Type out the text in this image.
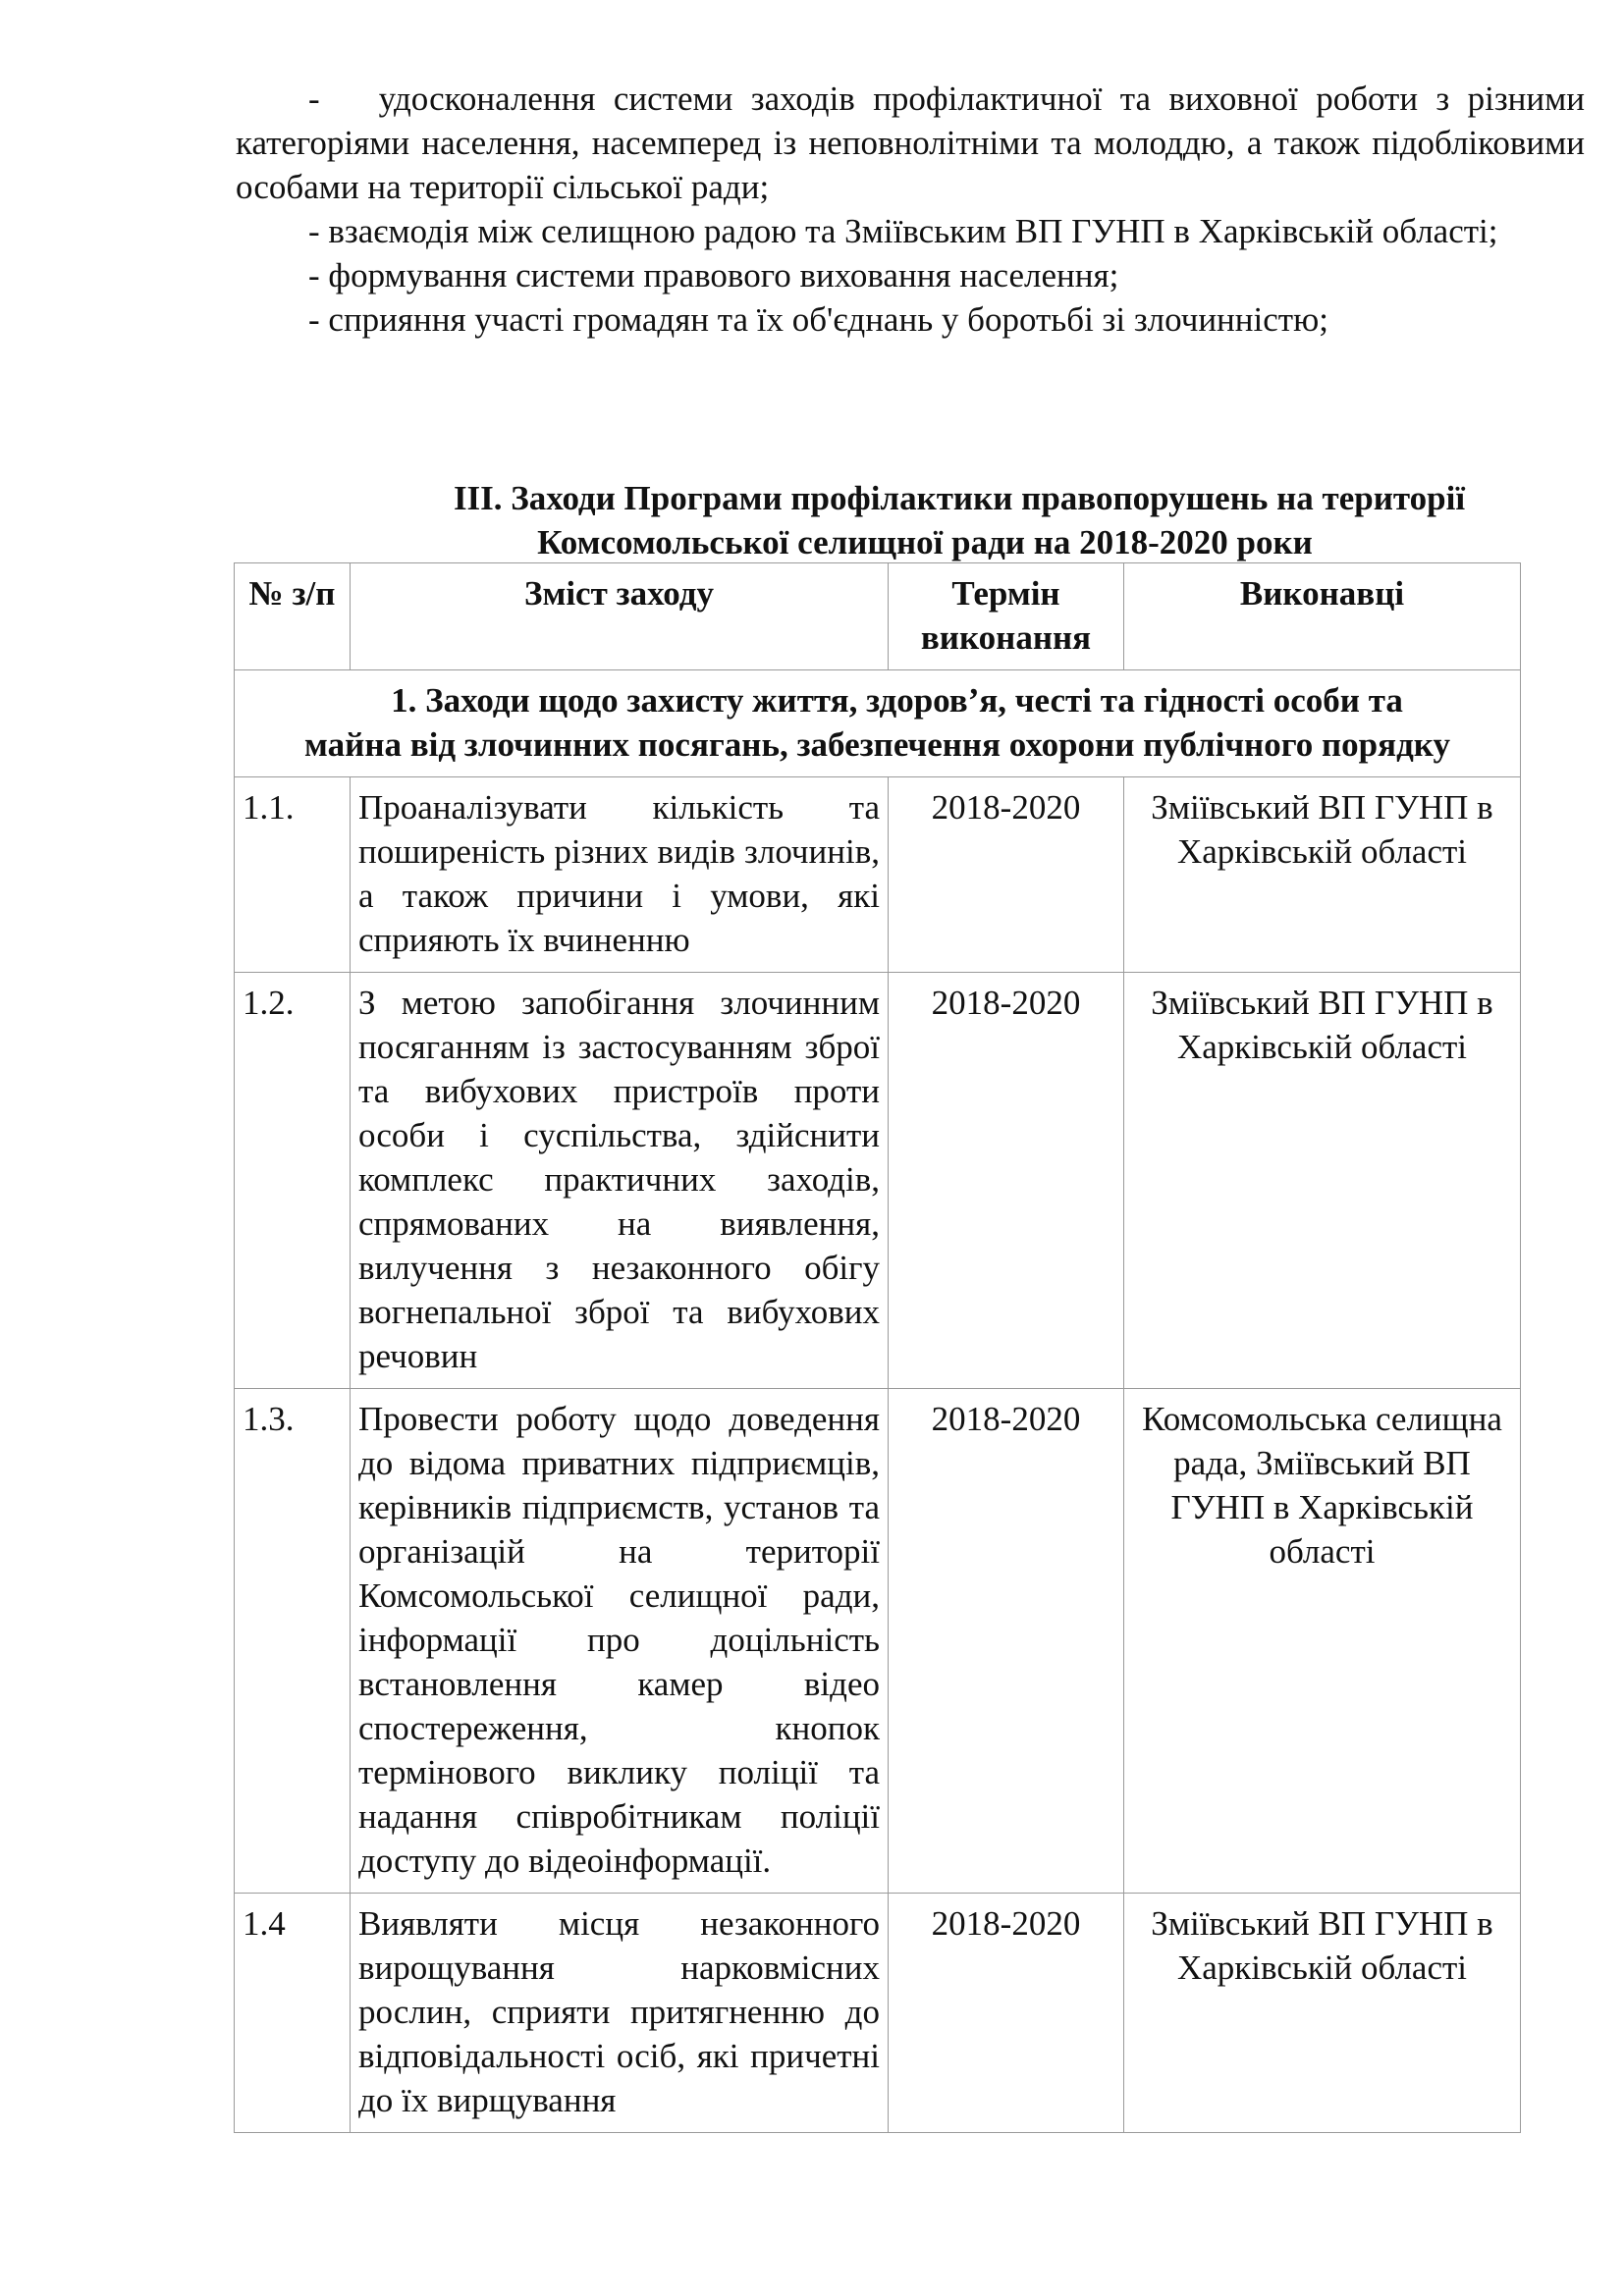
- удосконалення системи заходів профілактичної та виховної роботи з різними категоріями населення, насемперед із неповнолітніми та молоддю, а також підобліковими особами на території сільської ради;

- взаємодія між селищною радою та Зміївським ВП ГУНП в Харківській області;

- формування системи правового виховання населення;

- сприяння участі громадян та їх об'єднань у боротьбі зі злочинністю;

ІІІ. Заходи Програми профілактики правопорушень на території
Комсомольської селищної ради на 2018-2020 роки
№ з/п	Зміст заходу	Термін виконання	Виконавці

1. Заходи щодо захисту життя, здоров’я, честі та гідності особи та
майна від злочинних посягань, забезпечення охорони публічного порядку			

1.1.	Проаналізувати кількість та поширеність різних видів злочинів, а також причини і умови, які сприяють їх вчиненню	2018-2020	Зміївський ВП ГУНП в Харківській області
1.2.	З метою запобігання злочинним посяганням із застосуванням зброї та вибухових пристроїв проти особи і суспільства, здійснити комплекс практичних заходів, спрямованих на виявлення, вилучення з незаконного обігу вогнепальної зброї та вибухових речовин	2018-2020	Зміївський ВП ГУНП в Харківській області
1.3.	Провести роботу щодо доведення до відома приватних підприємців, керівників підприємств, установ та організацій на території Комсомольської селищної ради, інформації про доцільність встановлення камер відео спостереження, кнопок термінового виклику поліції та надання співробітникам поліції доступу до відеоінформації.	2018-2020	Комсомольська селищна рада, Зміївський ВП ГУНП в Харківській області
1.4	Виявляти місця незаконного вирощування нарковмісних рослин, сприяти притягненню до відповідальності осіб, які причетні до їх вирщування	2018-2020	Зміївський ВП ГУНП в Харківській області
